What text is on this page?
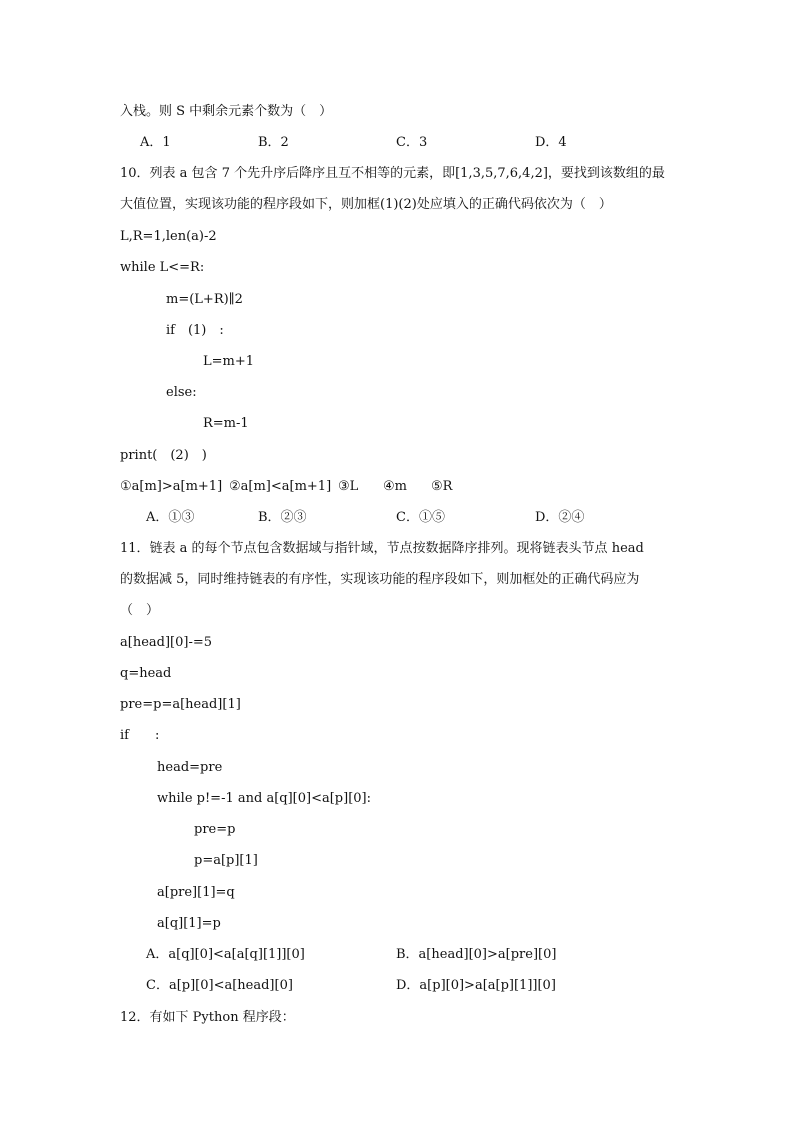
入栈。则 S 中剩余元素个数为（　）
A．1	B．2	C．3	D．4
10．列表 a 包含 7 个先升序后降序且互不相等的元素，即[1,3,5,7,6,4,2]，要找到该数组的最
大值位置，实现该功能的程序段如下，则加框(1)(2)处应填入的正确代码依次为（　）
L,R=1,len(a)-2
while L<=R:
m=(L+R)∥2
if　(1)　:
L=m+1
else:
R=m-1
print(　(2)　)
①a[m]>a[m+1] ②a[m]<a[m+1] ③L ④m ⑤R
A．①③	B．②③	C．①⑤	D．②④
11．链表 a 的每个节点包含数据域与指针域，节点按数据降序排列。现将链表头节点 head
的数据减 5，同时维持链表的有序性，实现该功能的程序段如下，则加框处的正确代码应为
（　）
a[head][0]-=5
q=head
pre=p=a[head][1]
if　　:
head=pre
while p!=-1 and a[q][0]<a[p][0]:
pre=p
p=a[p][1]
a[pre][1]=q
a[q][1]=p
A．a[q][0]<a[a[q][1]][0]	B．a[head][0]>a[pre][0]
C．a[p][0]<a[head][0]	D．a[p][0]>a[a[p][1]][0]
12．有如下 Python 程序段：
